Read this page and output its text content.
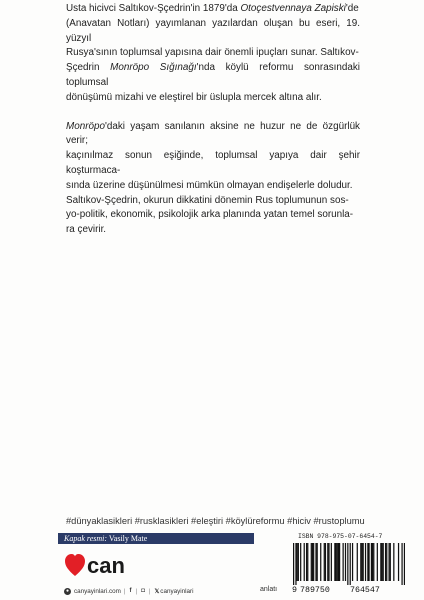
Usta hicivci Saltıkov-Şçedrin'in 1879'da Otoçestvennaya Zapiski'de
(Anavatan Notları) yayımlanan yazılardan oluşan bu eseri, 19. yüzyıl
Rusya'sının toplumsal yapısına dair önemli ipuçları sunar. Saltıkov-
Şçedrin Monröpo Sığınağı'nda köylü reformu sonrasındaki toplumsal
dönüşümü mizahi ve eleştirel bir üslupla mercek altına alır.
Monröpo'daki yaşam sanılanın aksine ne huzur ne de özgürlük verir;
kaçınılmaz sonun eşiğinde, toplumsal yapıya dair şehir koşturmaca-
sında üzerine düşünülmesi mümkün olmayan endişelerle doludur.
Saltıkov-Şçedrin, okurun dikkatini dönemin Rus toplumunun sos-
yo-politik, ekonomik, psikolojik arka planında yatan temel sorunla-
ra çevirir.
#dünyaklasikleri #rusklasikleri #eleştiri #köylüreformu #hiciv #rustoplumu
Kapak resmi: Vasily Mate
can
● canyayinlari.com | f | ◘ | 𝕏 canyayinlari	anlatı
ISBN 978-975-07-6454-7
9 789750	764547
